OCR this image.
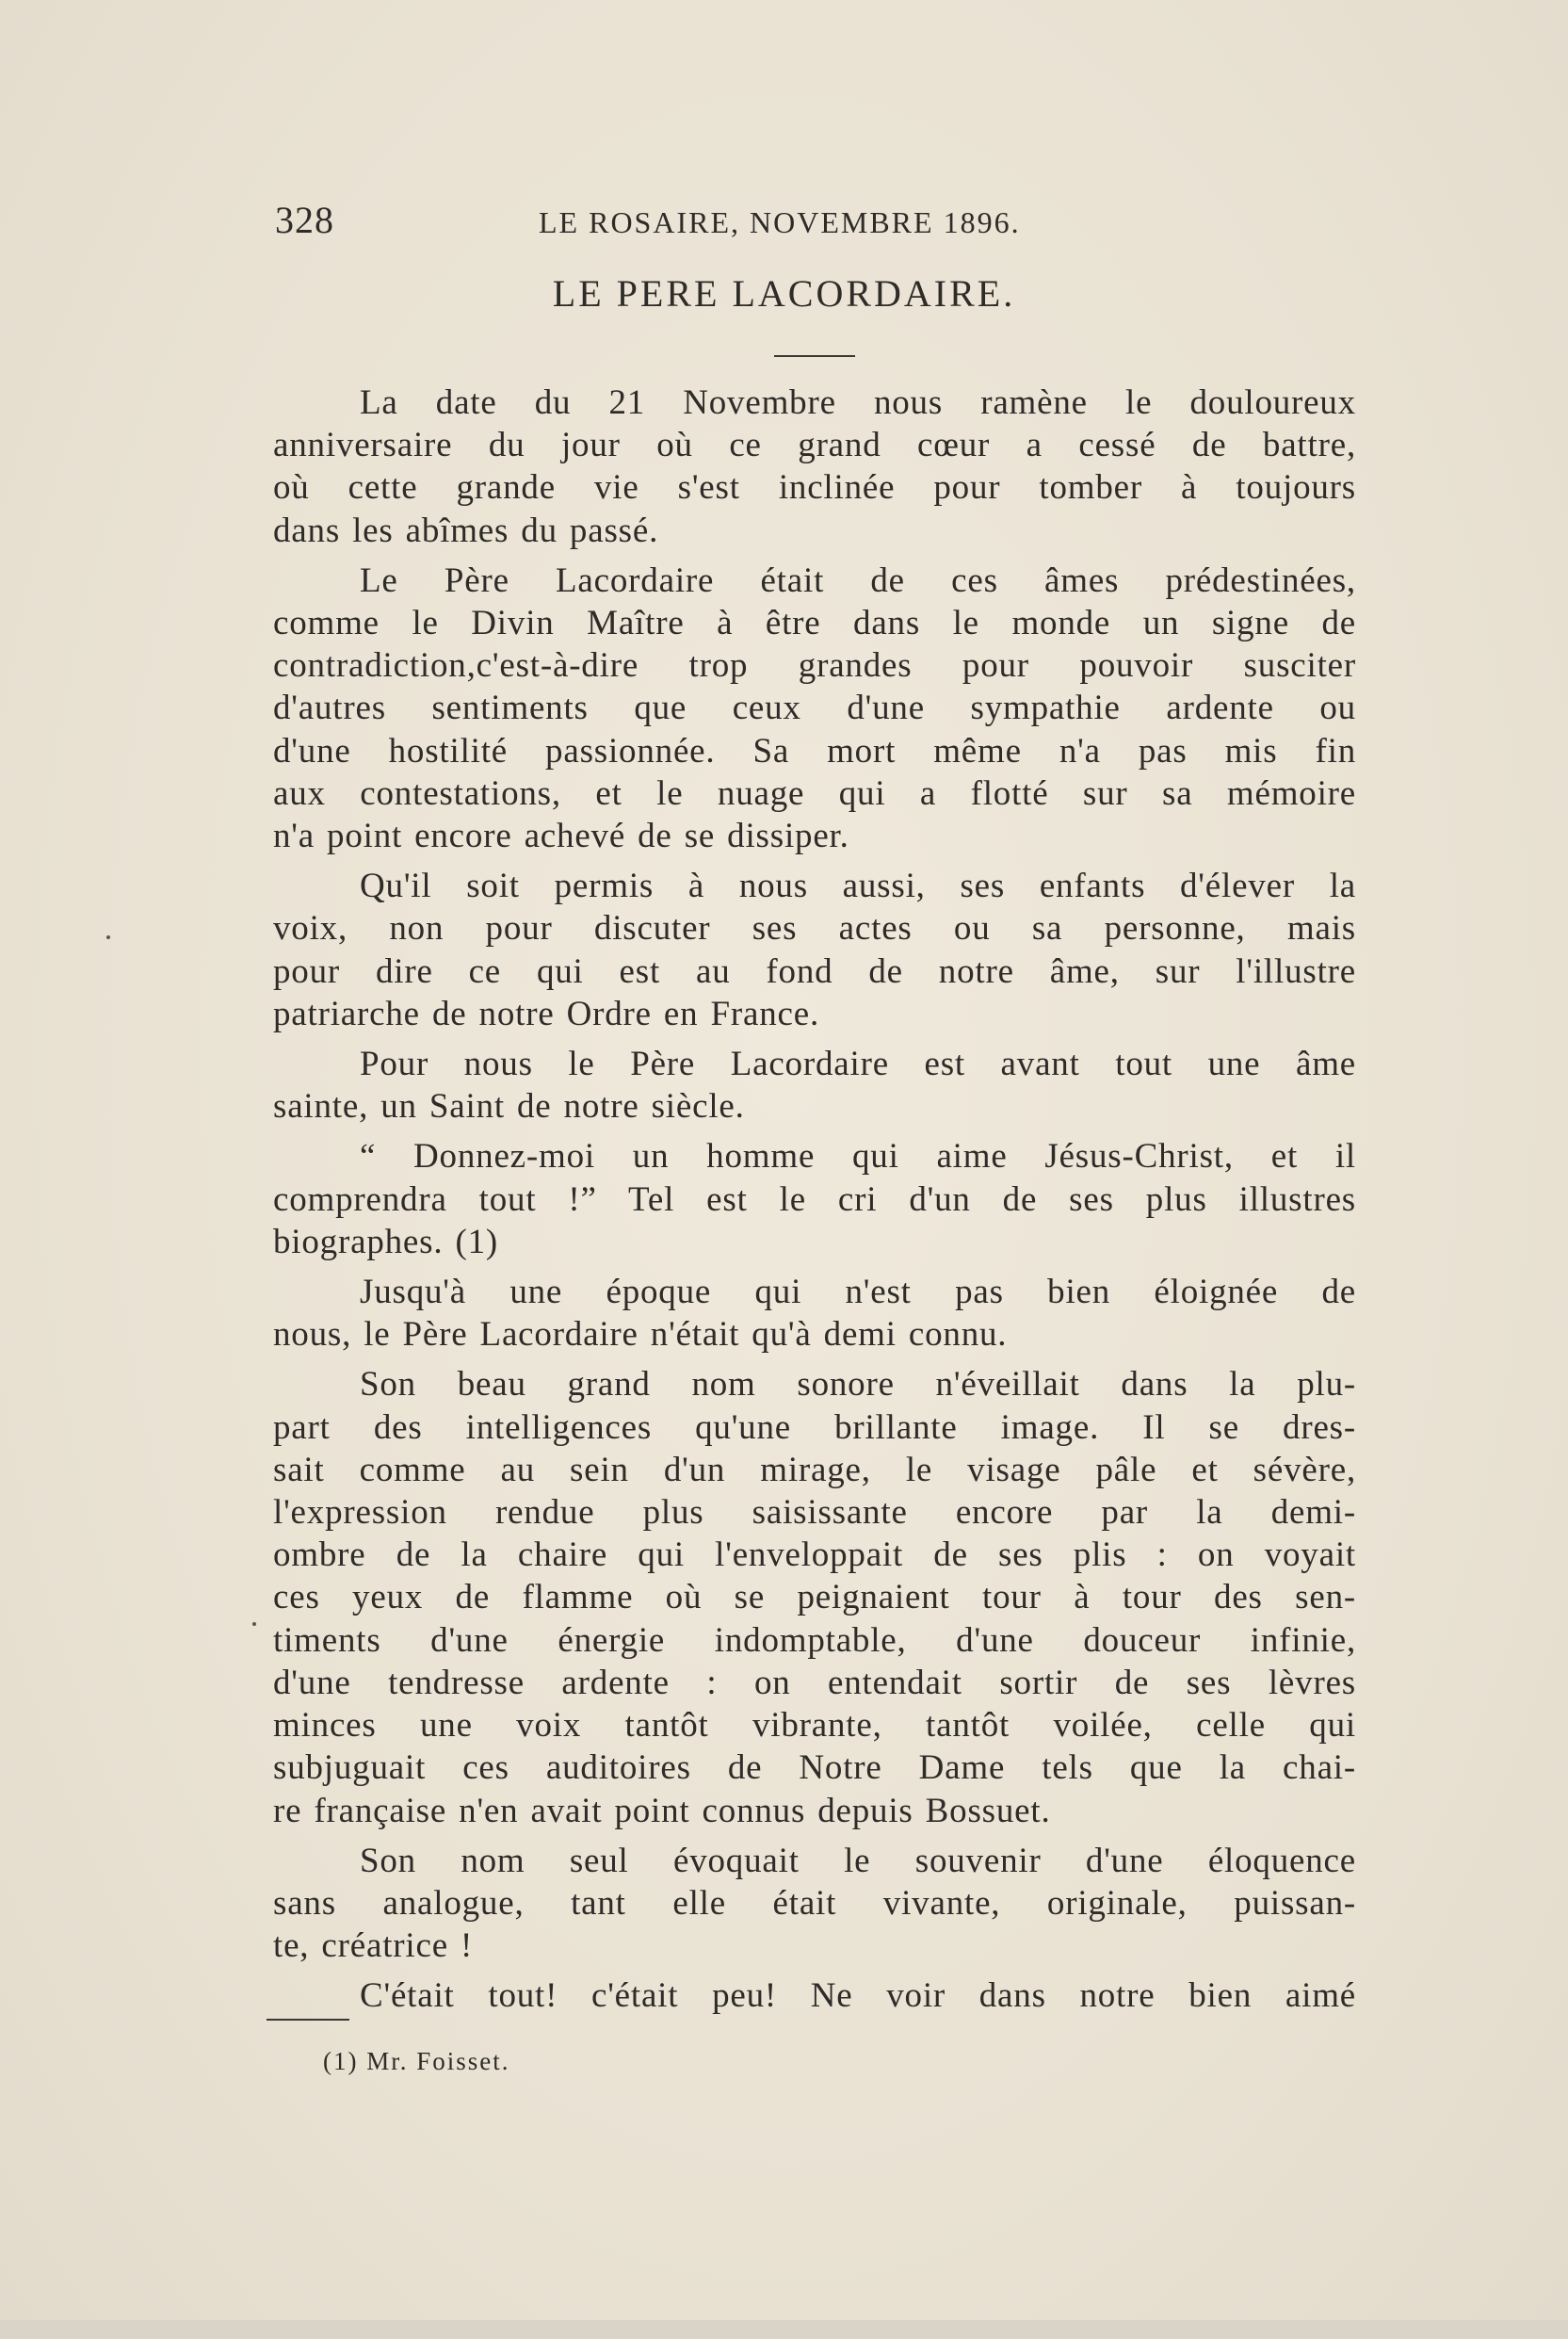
328	LE ROSAIRE, NOVEMBRE 1896.
LE PERE LACORDAIRE.
La date du 21 Novembre nous ramène le douloureux
anniversaire du jour où ce grand cœur a cessé de battre,
où cette grande vie s'est inclinée pour tomber à toujours
dans les abîmes du passé.
Le Père Lacordaire était de ces âmes prédestinées,
comme le Divin Maître à être dans le monde un signe de
contradiction,c'est-à-dire trop grandes pour pouvoir susciter
d'autres sentiments que ceux d'une sympathie ardente ou
d'une hostilité passionnée. Sa mort même n'a pas mis fin
aux contestations, et le nuage qui a flotté sur sa mémoire
n'a point encore achevé de se dissiper.
Qu'il soit permis à nous aussi, ses enfants d'élever la
voix, non pour discuter ses actes ou sa personne, mais
pour dire ce qui est au fond de notre âme, sur l'illustre
patriarche de notre Ordre en France.
Pour nous le Père Lacordaire est avant tout une âme
sainte, un Saint de notre siècle.
“ Donnez-moi un homme qui aime Jésus-Christ, et il
comprendra tout !” Tel est le cri d'un de ses plus illustres
biographes. (1)
Jusqu'à une époque qui n'est pas bien éloignée de
nous, le Père Lacordaire n'était qu'à demi connu.
Son beau grand nom sonore n'éveillait dans la plu-
part des intelligences qu'une brillante image. Il se dres-
sait comme au sein d'un mirage, le visage pâle et sévère,
l'expression rendue plus saisissante encore par la demi-
ombre de la chaire qui l'enveloppait de ses plis : on voyait
ces yeux de flamme où se peignaient tour à tour des sen-
timents d'une énergie indomptable, d'une douceur infinie,
d'une tendresse ardente : on entendait sortir de ses lèvres
minces une voix tantôt vibrante, tantôt voilée, celle qui
subjuguait ces auditoires de Notre Dame tels que la chai-
re française n'en avait point connus depuis Bossuet.
Son nom seul évoquait le souvenir d'une éloquence
sans analogue, tant elle était vivante, originale, puissan-
te, créatrice !
C'était tout! c'était peu! Ne voir dans notre bien aimé
(1) Mr. Foisset.
